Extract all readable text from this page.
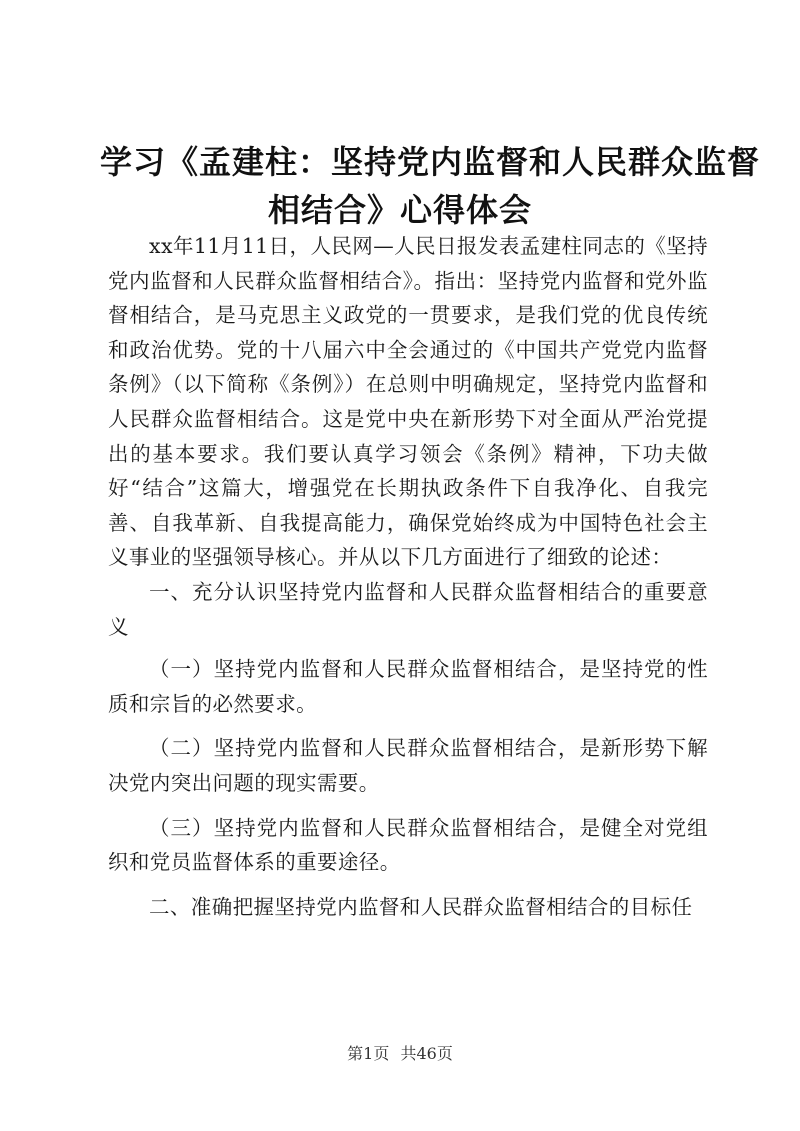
学习《孟建柱：坚持党内监督和人民群众监督
相结合》心得体会

xx年11月11日，人民网—人民日报发表孟建柱同志的《坚持党内监督和人民群众监督相结合》。指出：坚持党内监督和党外监督相结合，是马克思主义政党的一贯要求，是我们党的优良传统和政治优势。党的十八届六中全会通过的《中国共产党党内监督条例》（以下简称《条例》）在总则中明确规定，坚持党内监督和人民群众监督相结合。这是党中央在新形势下对全面从严治党提出的基本要求。我们要认真学习领会《条例》精神，下功夫做好“结合”这篇大，增强党在长期执政条件下自我净化、自我完善、自我革新、自我提高能力，确保党始终成为中国特色社会主义事业的坚强领导核心。并从以下几方面进行了细致的论述：

一、充分认识坚持党内监督和人民群众监督相结合的重要意义

（一）坚持党内监督和人民群众监督相结合，是坚持党的性质和宗旨的必然要求。

（二）坚持党内监督和人民群众监督相结合，是新形势下解决党内突出问题的现实需要。

（三）坚持党内监督和人民群众监督相结合，是健全对党组织和党员监督体系的重要途径。

二、准确把握坚持党内监督和人民群众监督相结合的目标任

第1页 共46页
